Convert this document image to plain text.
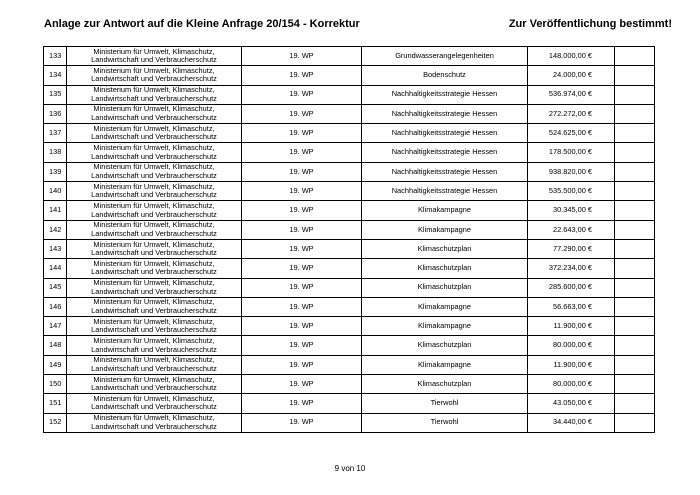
Anlage zur Antwort auf die Kleine Anfrage 20/154 - Korrektur	Zur Veröffentlichung bestimmt!
133	Ministerium für Umwelt, Klimaschutz,
Landwirtschaft und Verbraucherschutz	19. WP	Grundwasserangelegenheiten	148.000,00 €	
134	Ministerium für Umwelt, Klimaschutz,
Landwirtschaft und Verbraucherschutz	19. WP	Bodenschutz	24.000,00 €	
135	Ministerium für Umwelt, Klimaschutz,
Landwirtschaft und Verbraucherschutz	19. WP	Nachhaltigkeitsstrategie Hessen	536.974,00 €	
136	Ministerium für Umwelt, Klimaschutz,
Landwirtschaft und Verbraucherschutz	19. WP	Nachhaltigkeitsstrategie Hessen	272.272,00 €	
137	Ministerium für Umwelt, Klimaschutz,
Landwirtschaft und Verbraucherschutz	19. WP	Nachhaltigkeitsstrategie Hessen	524.625,00 €	
138	Ministerium für Umwelt, Klimaschutz,
Landwirtschaft und Verbraucherschutz	19. WP	Nachhaltigkeitsstrategie Hessen	178.500,00 €	
139	Ministerium für Umwelt, Klimaschutz,
Landwirtschaft und Verbraucherschutz	19. WP	Nachhaltigkeitsstrategie Hessen	938.820,00 €	
140	Ministerium für Umwelt, Klimaschutz,
Landwirtschaft und Verbraucherschutz	19. WP	Nachhaltigkeitsstrategie Hessen	535.500,00 €	
141	Ministerium für Umwelt, Klimaschutz,
Landwirtschaft und Verbraucherschutz	19. WP	Klimakampagne	30.345,00 €	
142	Ministerium für Umwelt, Klimaschutz,
Landwirtschaft und Verbraucherschutz	19. WP	Klimakampagne	22.643,00 €	
143	Ministerium für Umwelt, Klimaschutz,
Landwirtschaft und Verbraucherschutz	19. WP	Klimaschutzplan	77.290,00 €	
144	Ministerium für Umwelt, Klimaschutz,
Landwirtschaft und Verbraucherschutz	19. WP	Klimaschutzplan	372.234,00 €	
145	Ministerium für Umwelt, Klimaschutz,
Landwirtschaft und Verbraucherschutz	19. WP	Klimaschutzplan	285.600,00 €	
146	Ministerium für Umwelt, Klimaschutz,
Landwirtschaft und Verbraucherschutz	19. WP	Klimakampagne	56.663,00 €	
147	Ministerium für Umwelt, Klimaschutz,
Landwirtschaft und Verbraucherschutz	19. WP	Klimakampagne	11.900,00 €	
148	Ministerium für Umwelt, Klimaschutz,
Landwirtschaft und Verbraucherschutz	19. WP	Klimaschutzplan	80.000,00 €	
149	Ministerium für Umwelt, Klimaschutz,
Landwirtschaft und Verbraucherschutz	19. WP	Klimakampagne	11.900,00 €	
150	Ministerium für Umwelt, Klimaschutz,
Landwirtschaft und Verbraucherschutz	19. WP	Klimaschutzplan	80.000,00 €	
151	Ministerium für Umwelt, Klimaschutz,
Landwirtschaft und Verbraucherschutz	19. WP	Tierwohl	43.050,00 €	
152	Ministerium für Umwelt, Klimaschutz,
Landwirtschaft und Verbraucherschutz	19. WP	Tierwohl	34.440,00 €	
9 von 10
